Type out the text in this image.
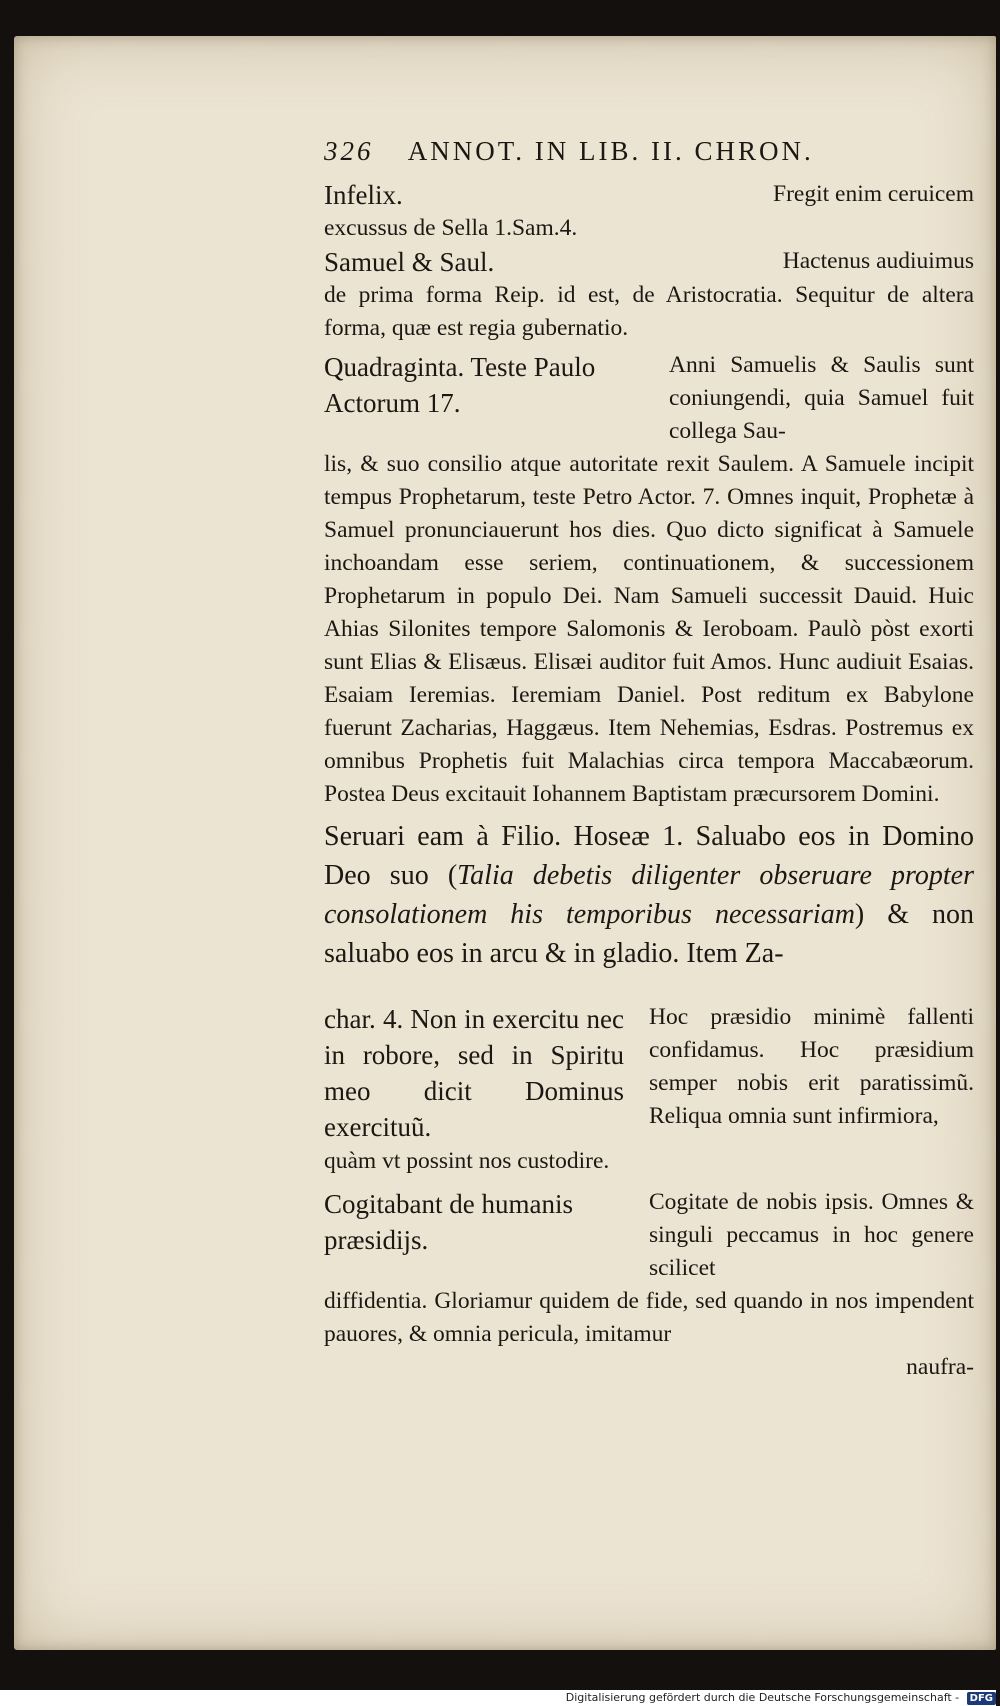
326 ANNOT. IN LIB. II. CHRON.
Infelix.	Fregit enim ceruicem

excussus de Sella 1.Sam.4.

Samuel & Saul.	Hactenus audiuimus

de prima forma Reip. id est, de Aristocratia. Sequitur de altera forma, quæ est regia gubernatio.

Quadraginta. Teste Paulo Actorum 17.
Anni Samuelis & Saulis sunt coniungendi, quia Samuel fuit collega Sau-

lis, & suo consilio atque autoritate rexit Saulem. A Samuele incipit tempus Prophetarum, teste Petro Actor. 7. Omnes inquit, Prophetæ à Samuel pronunciauerunt hos dies. Quo dicto significat à Samuele inchoandam esse seriem, continuationem, & successionem Prophetarum in populo Dei. Nam Samueli successit Dauid. Huic Ahias Silonites tempore Salomonis & Ieroboam. Paulò pòst exorti sunt Elias & Elisæus. Elisæi auditor fuit Amos. Hunc audiuit Esaias. Esaiam Ieremias. Ieremiam Daniel. Post reditum ex Babylone fuerunt Zacharias, Haggæus. Item Nehemias, Esdras. Postremus ex omnibus Prophetis fuit Malachias circa tempora Maccabæorum. Postea Deus excitauit Iohannem Baptistam præcursorem Domini.

Seruari eam à Filio. Hoseæ 1. Saluabo eos in Domino Deo suo (Talia debetis diligenter obseruare propter consolationem his temporibus necessariam) & non saluabo eos in arcu & in gladio. Item Za-

char. 4. Non in exercitu nec in robore, sed in Spiritu meo dicit Dominus exercituũ.
Hoc præsidio minimè fallenti confidamus. Hoc præsidium semper nobis erit paratissimũ. Reliqua omnia sunt infirmiora,

quàm vt possint nos custodire.

Cogitabant de humanis præsidijs.
Cogitate de nobis ipsis. Omnes & singuli peccamus in hoc genere scilicet

diffidentia. Gloriamur quidem de fide, sed quando in nos impendent pauores, & omnia pericula, imitamur

naufra-
Digitalisierung gefördert durch die Deutsche Forschungsgemeinschaft - DFG
